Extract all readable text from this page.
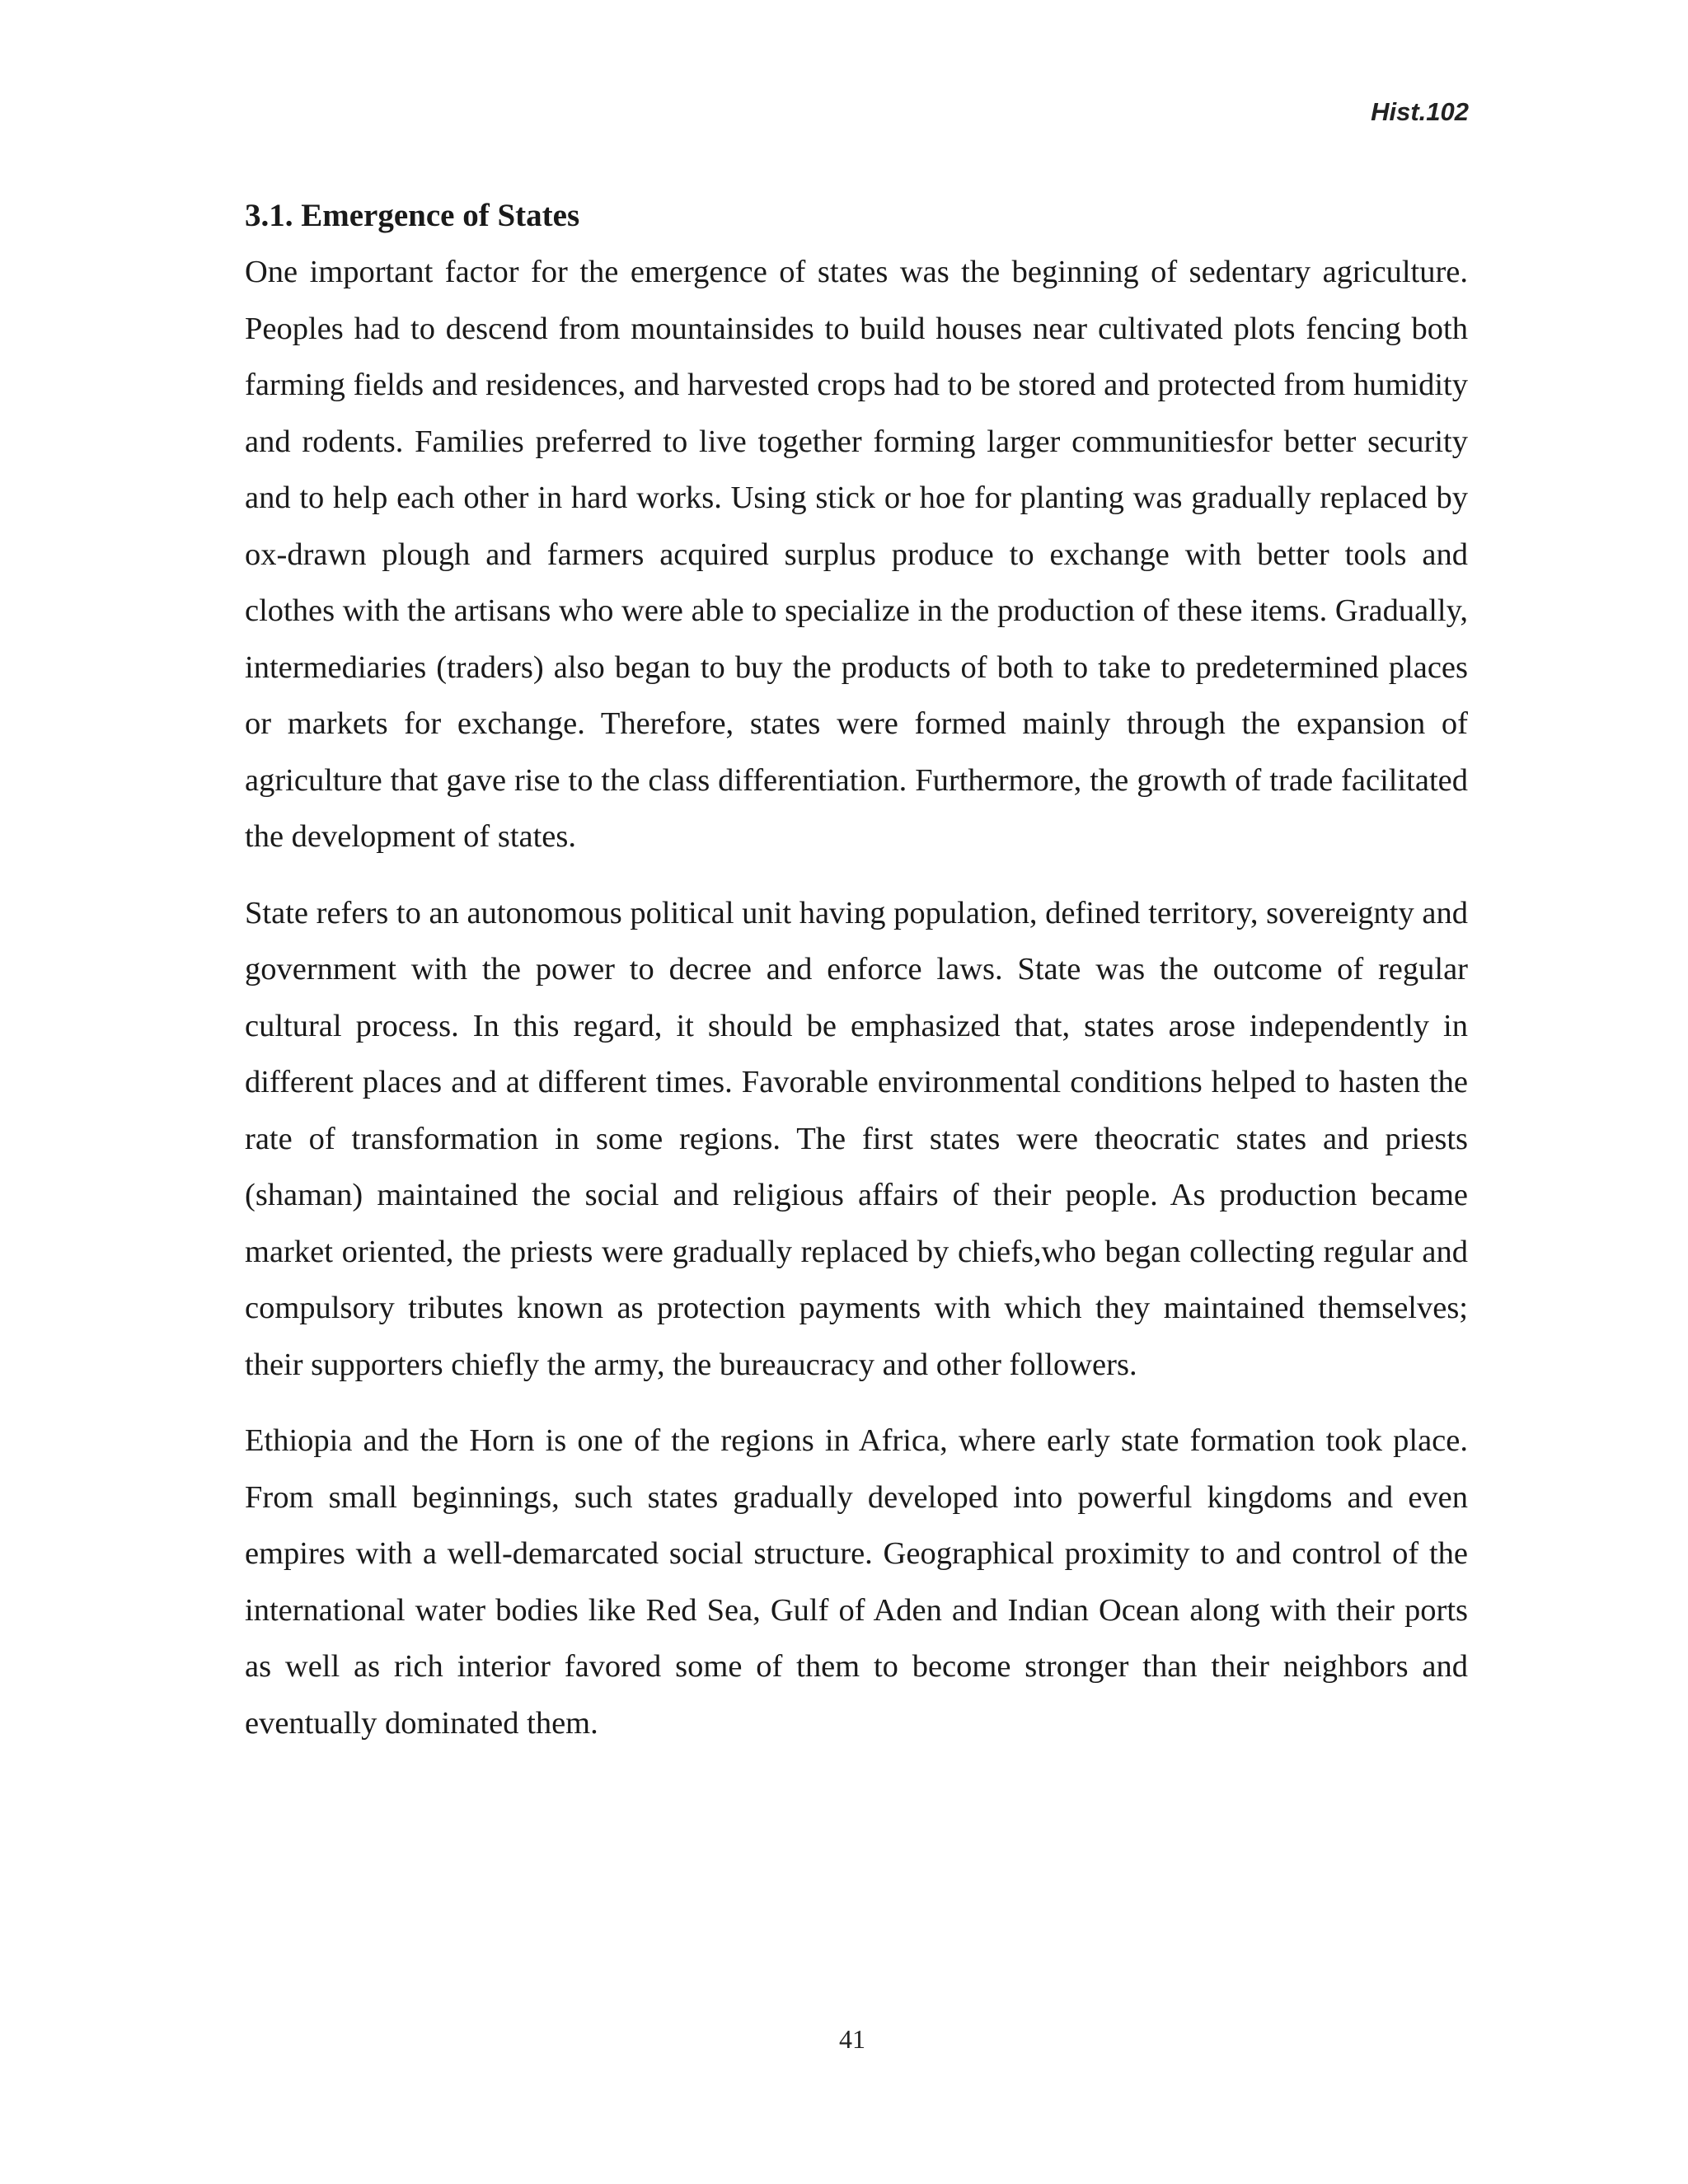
Hist.102
3.1. Emergence of States

One important factor for the emergence of states was the beginning of sedentary agriculture. Peoples had to descend from mountainsides to build houses near cultivated plots fencing both farming fields and residences, and harvested crops had to be stored and protected from humidity and rodents. Families preferred to live together forming larger communitiesfor better security and to help each other in hard works. Using stick or hoe for planting was gradually replaced by ox-drawn plough and farmers acquired surplus produce to exchange with better tools and clothes with the artisans who were able to specialize in the production of these items. Gradually, intermediaries (traders) also began to buy the products of both to take to predetermined places or markets for exchange. Therefore, states were formed mainly through the expansion of agriculture that gave rise to the class differentiation. Furthermore, the growth of trade facilitated the development of states.

State refers to an autonomous political unit having population, defined territory, sovereignty and government with the power to decree and enforce laws. State was the outcome of regular cultural process. In this regard, it should be emphasized that, states arose independently in different places and at different times. Favorable environmental conditions helped to hasten the rate of transformation in some regions. The first states were theocratic states and priests (shaman) maintained the social and religious affairs of their people. As production became market oriented, the priests were gradually replaced by chiefs,who began collecting regular and compulsory tributes known as protection payments with which they maintained themselves; their supporters chiefly the army, the bureaucracy and other followers.

Ethiopia and the Horn is one of the regions in Africa, where early state formation took place. From small beginnings, such states gradually developed into powerful kingdoms and even empires with a well-demarcated social structure. Geographical proximity to and control of the international water bodies like Red Sea, Gulf of Aden and Indian Ocean along with their ports as well as rich interior favored some of them to become stronger than their neighbors and eventually dominated them.

41
